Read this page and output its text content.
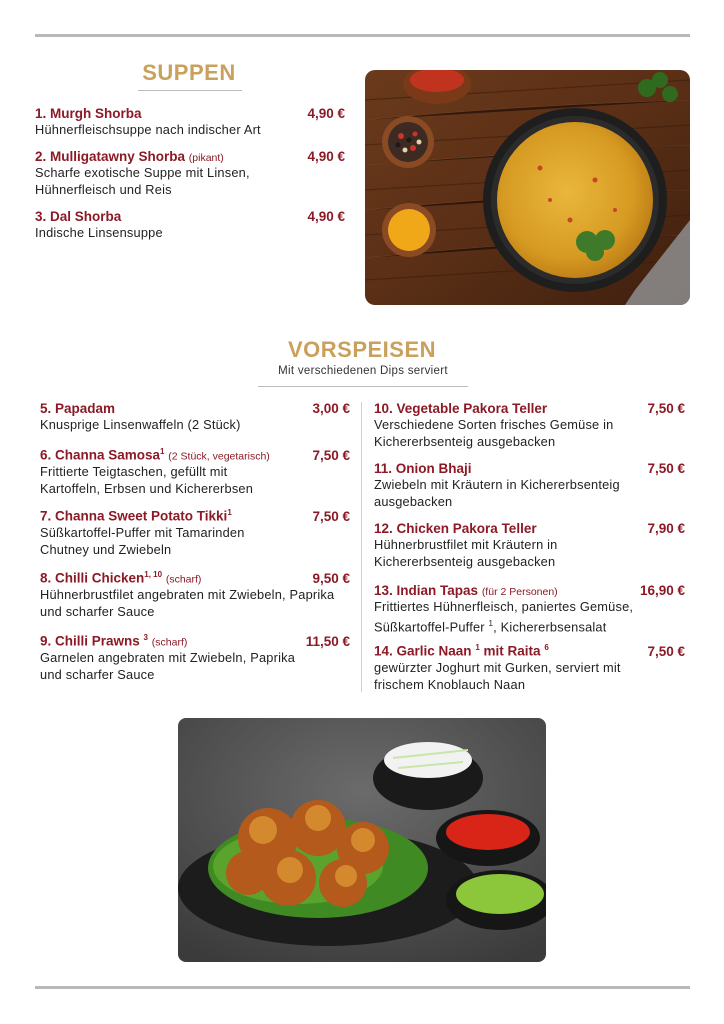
SUPPEN
1. Murgh Shorba	4,90 €
Hühnerfleischsuppe nach indischer Art
2. Mulligatawny Shorba (pikant)	4,90 €
Scharfe exotische Suppe mit Linsen, Hühnerfleisch und Reis
3. Dal Shorba	4,90 €
Indische Linsensuppe
VORSPEISEN
Mit verschiedenen Dips serviert
5. Papadam	3,00 €
Knusprige Linsenwaffeln (2 Stück)
6. Channa Samosa$^1$ (2 Stück, vegetarisch)	7,50 €
Frittierte Teigtaschen, gefüllt mit Kartoffeln, Erbsen und Kichererbsen
7. Channa Sweet Potato Tikki$^1$	7,50 €
Süßkartoffel-Puffer mit Tamarinden Chutney und Zwiebeln
8. Chilli Chicken$^{1, 10}$ (scharf)	9,50 €
Hühnerbrustfilet angebraten mit Zwiebeln, Paprika und scharfer Sauce
9. Chilli Prawns $^3$ (scharf)	11,50 €
Garnelen angebraten mit Zwiebeln, Paprika und scharfer Sauce
10. Vegetable Pakora Teller	7,50 €
Verschiedene Sorten frisches Gemüse in Kichererbsenteig ausgebacken
11. Onion Bhaji	7,50 €
Zwiebeln mit Kräutern in Kichererbsenteig ausgebacken
12. Chicken Pakora Teller	7,90 €
Hühnerbrustfilet mit Kräutern in Kichererbsenteig ausgebacken
13. Indian Tapas (für 2 Personen)	16,90 €
Frittiertes Hühnerfleisch, paniertes Gemüse,
Süßkartoffel-Puffer $^1$, Kichererbsensalat
14. Garlic Naan $^1$ mit Raita $^6$	7,50 €
gewürzter Joghurt mit Gurken, serviert mit frischem Knoblauch Naan
